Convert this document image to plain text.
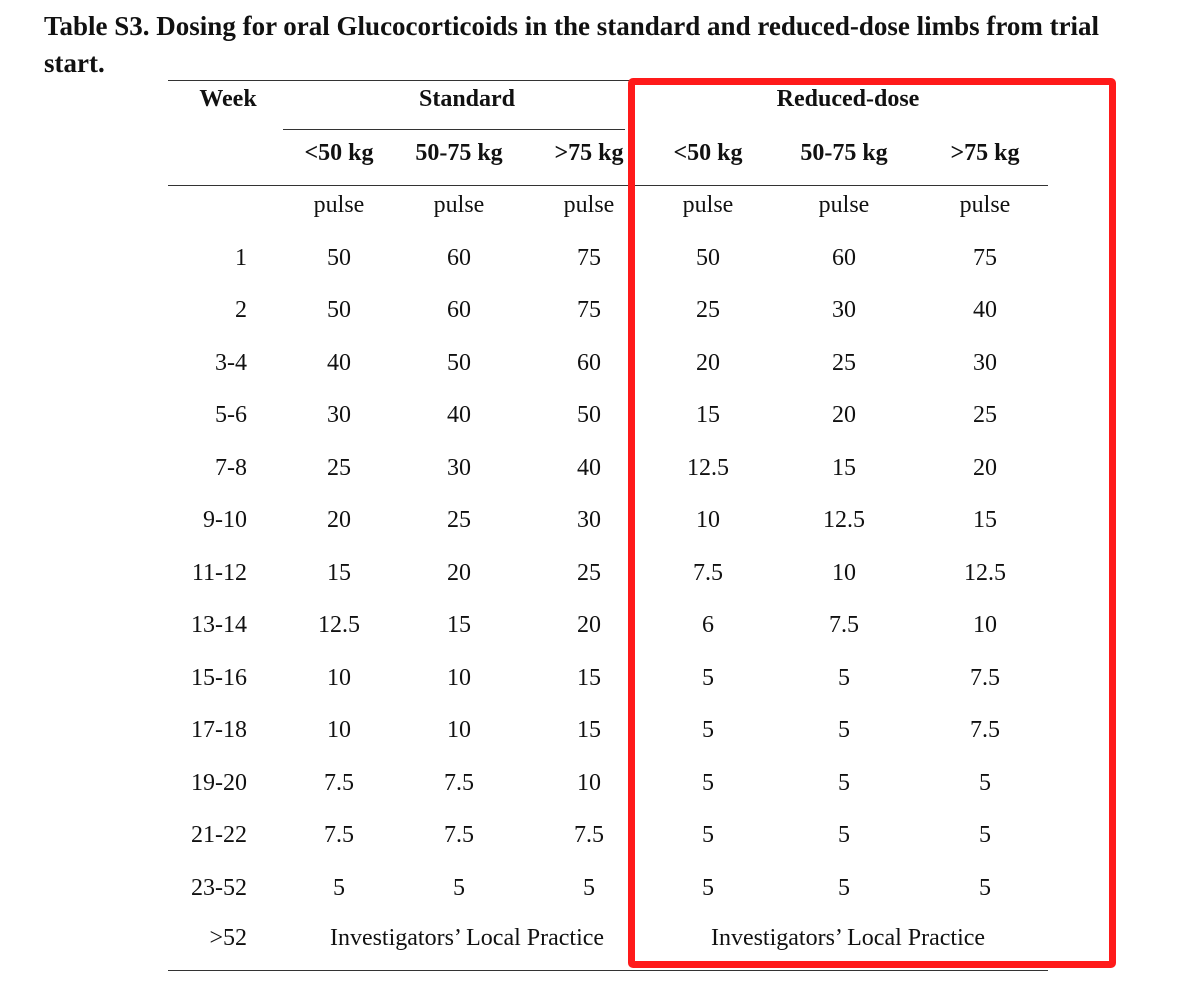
Table S3. Dosing for oral Glucocorticoids in the standard and reduced-dose limbs from trial start.
Week	Standard	Reduced-dose
<50 kg 50-75 kg >75 kg <50 kg 50-75 kg	>75 kg
pulse	pulse	pulse	pulse	pulse	pulse
1	50	60	75	50	60	75
2	50	60	75	25	30	40
3-4	40	50	60	20	25	30
5-6	30	40	50	15	20	25
7-8	25	30	40	12.5	15	20
9-10	20	25	30	10	12.5	15
11-12	15	20	25	7.5	10	12.5
13-14	12.5	15	20	6	7.5	10
15-16	10	10	15	5	5	7.5
17-18	10	10	15	5	5	7.5
19-20	7.5	7.5	10	5	5	5
21-22	7.5	7.5	7.5	5	5	5
23-52	5	5	5	5	5	5
>52	Investigators’ Local Practice	Investigators’ Local Practice
